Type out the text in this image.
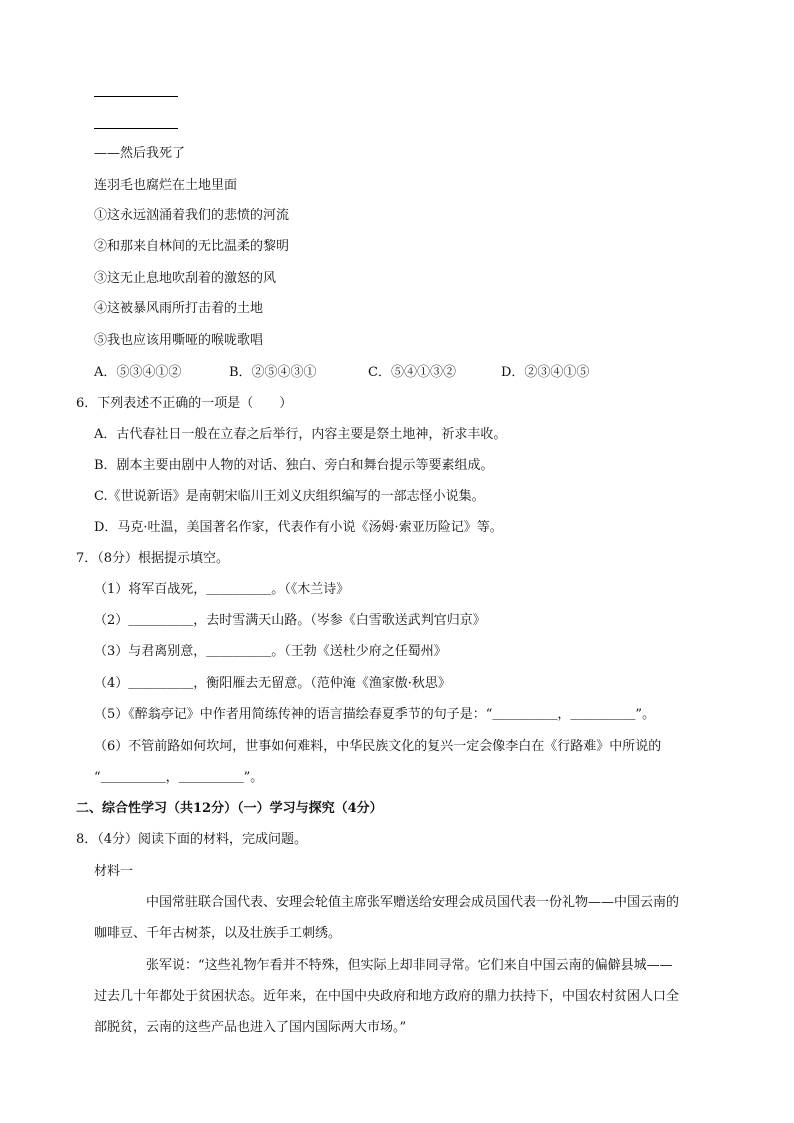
——然后我死了
连羽毛也腐烂在土地里面
①这永远汹涌着我们的悲愤的河流
②和那来自林间的无比温柔的黎明
③这无止息地吹刮着的激怒的风
④这被暴风雨所打击着的土地
⑤我也应该用嘶哑的喉咙歌唱
A．⑤③④①②	B．②⑤④③①	C．⑤④①③②	D．②③④①⑤
6．下列表述不正确的一项是（　　）
A．古代春社日一般在立春之后举行，内容主要是祭土地神，祈求丰收。
B．剧本主要由剧中人物的对话、独白、旁白和舞台提示等要素组成。
C.《世说新语》是南朝宋临川王刘义庆组织编写的一部志怪小说集。
D．马克·吐温，美国著名作家，代表作有小说《汤姆·索亚历险记》等。
7．（8分）根据提示填空。
（1）将军百战死，＿＿＿＿＿。（《木兰诗》
（2）＿＿＿＿＿，去时雪满天山路。（岑参《白雪歌送武判官归京》
（3）与君离别意，＿＿＿＿＿。（王勃《送杜少府之任蜀州》
（4）＿＿＿＿＿，衡阳雁去无留意。（范仲淹《渔家傲·秋思》
（5）《醉翁亭记》中作者用简练传神的语言描绘春夏季节的句子是：“＿＿＿＿＿，＿＿＿＿＿”。
（6）不管前路如何坎坷，世事如何难料，中华民族文化的复兴一定会像李白在《行路难》中所说的
“＿＿＿＿＿，＿＿＿＿＿”。
二、综合性学习（共12分）（一）学习与探究（4分）
8．（4分）阅读下面的材料，完成问题。
材料一
中国常驻联合国代表、安理会轮值主席张军赠送给安理会成员国代表一份礼物——中国云南的
咖啡豆、千年古树茶，以及壮族手工刺绣。
张军说：“这些礼物乍看并不特殊，但实际上却非同寻常。它们来自中国云南的偏僻县城——
过去几十年都处于贫困状态。近年来，在中国中央政府和地方政府的鼎力扶持下，中国农村贫困人口全
部脱贫，云南的这些产品也进入了国内国际两大市场。”
